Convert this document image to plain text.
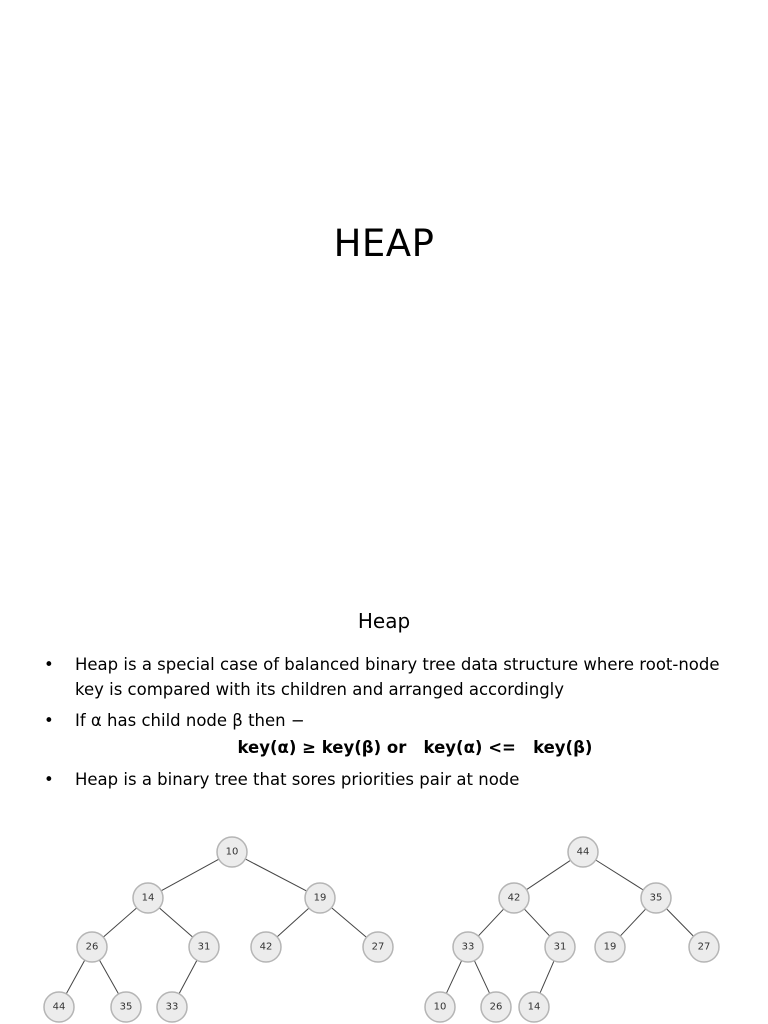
HEAP
Heap
• Heap is a special case of balanced binary tree data structure where root-node key is compared with its children and arranged accordingly
• If α has child node β then −
key(α) ≥ key(β) or   key(α) <=   key(β)
• Heap is a binary tree that sores priorities pair at node
10
14	19
26	31	42	27
44	35	33
44
42	35
33	31	19	27
10	26	14
